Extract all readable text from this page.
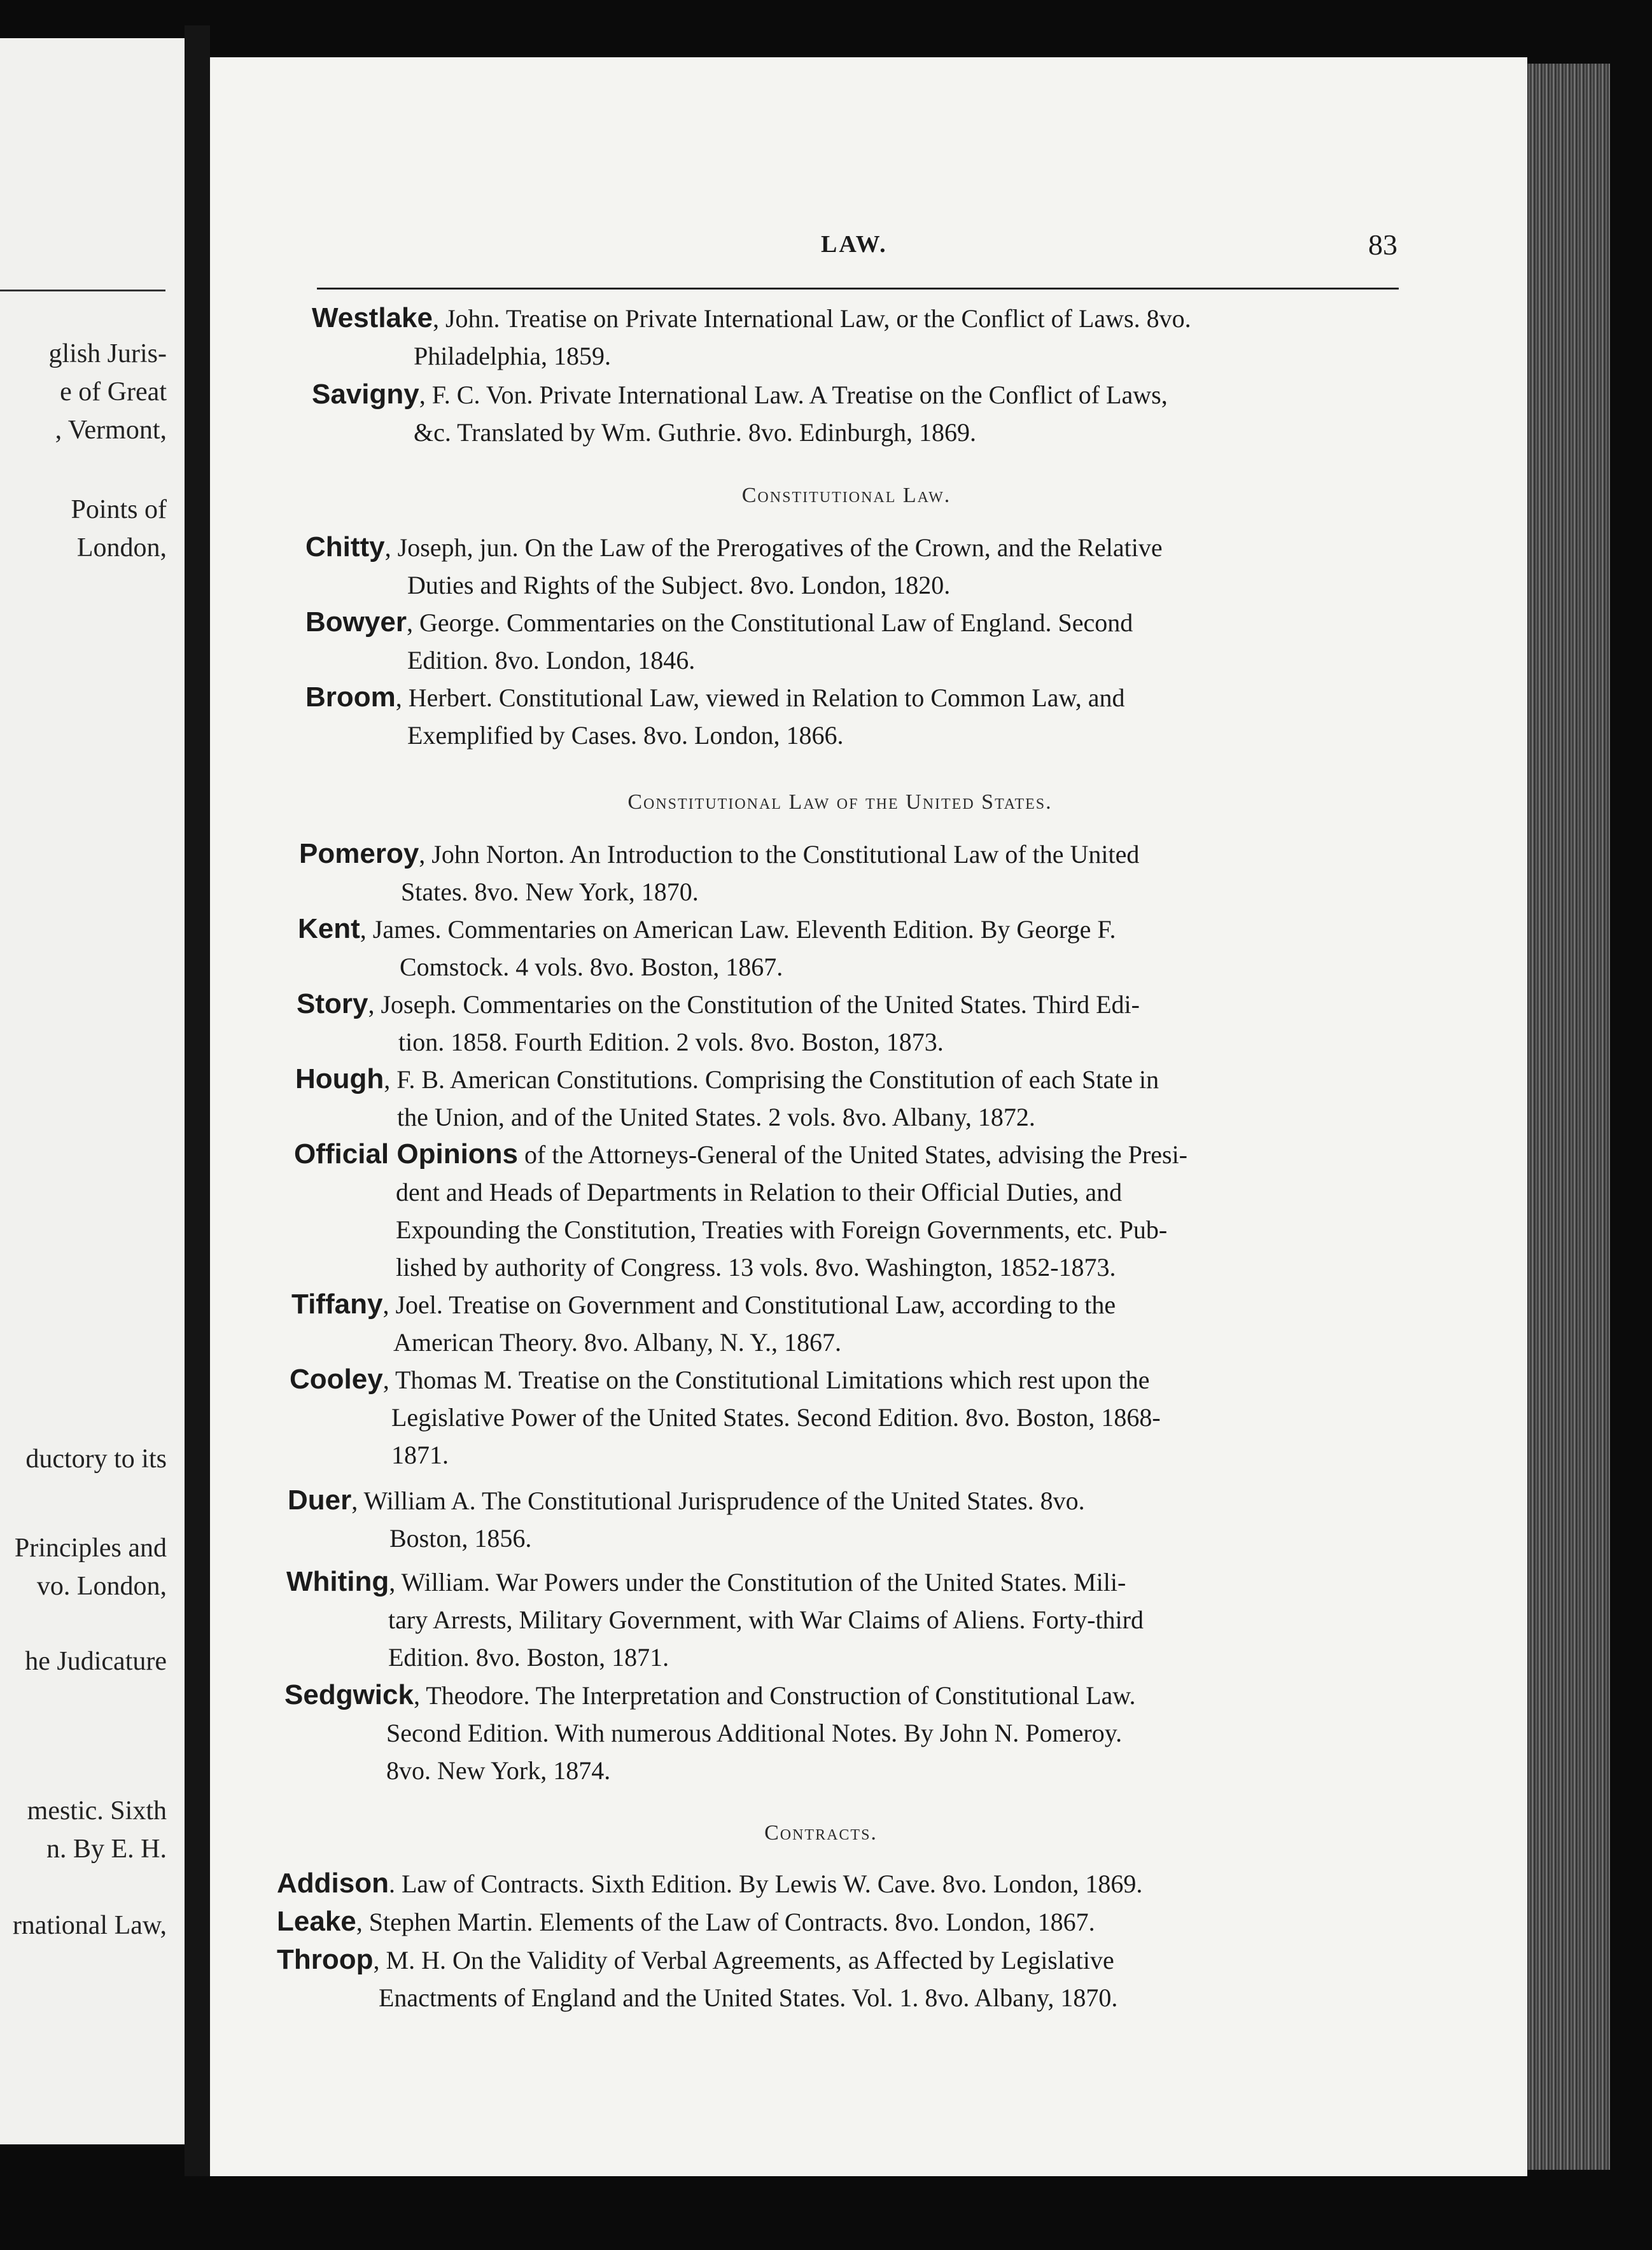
glish Juris-
e of Great
, Vermont,
Points of
London,
ductory to its
Principles and
vo. London,
he Judicature
mestic. Sixth
n. By E. H.
rnational Law,
LAW.	83
Westlake, John. Treatise on Private International Law, or the Conflict of Laws. 8vo.
Philadelphia, 1859.
Savigny, F. C. Von. Private International Law. A Treatise on the Conflict of Laws,
&c. Translated by Wm. Guthrie. 8vo. Edinburgh, 1869.
Constitutional Law.
Chitty, Joseph, jun. On the Law of the Prerogatives of the Crown, and the Relative
Duties and Rights of the Subject. 8vo. London, 1820.
Bowyer, George. Commentaries on the Constitutional Law of England. Second
Edition. 8vo. London, 1846.
Broom, Herbert. Constitutional Law, viewed in Relation to Common Law, and
Exemplified by Cases. 8vo. London, 1866.
Constitutional Law of the United States.
Pomeroy, John Norton. An Introduction to the Constitutional Law of the United
States. 8vo. New York, 1870.
Kent, James. Commentaries on American Law. Eleventh Edition. By George F.
Comstock. 4 vols. 8vo. Boston, 1867.
Story, Joseph. Commentaries on the Constitution of the United States. Third Edi-
tion. 1858. Fourth Edition. 2 vols. 8vo. Boston, 1873.
Hough, F. B. American Constitutions. Comprising the Constitution of each State in
the Union, and of the United States. 2 vols. 8vo. Albany, 1872.
Official Opinions of the Attorneys-General of the United States, advising the Presi-
dent and Heads of Departments in Relation to their Official Duties, and
Expounding the Constitution, Treaties with Foreign Governments, etc. Pub-
lished by authority of Congress. 13 vols. 8vo. Washington, 1852-1873.
Tiffany, Joel. Treatise on Government and Constitutional Law, according to the
American Theory. 8vo. Albany, N. Y., 1867.
Cooley, Thomas M. Treatise on the Constitutional Limitations which rest upon the
Legislative Power of the United States. Second Edition. 8vo. Boston, 1868-
1871.
Duer, William A. The Constitutional Jurisprudence of the United States. 8vo.
Boston, 1856.
Whiting, William. War Powers under the Constitution of the United States. Mili-
tary Arrests, Military Government, with War Claims of Aliens. Forty-third
Edition. 8vo. Boston, 1871.
Sedgwick, Theodore. The Interpretation and Construction of Constitutional Law.
Second Edition. With numerous Additional Notes. By John N. Pomeroy.
8vo. New York, 1874.
Contracts.
Addison. Law of Contracts. Sixth Edition. By Lewis W. Cave. 8vo. London, 1869.
Leake, Stephen Martin. Elements of the Law of Contracts. 8vo. London, 1867.
Throop, M. H. On the Validity of Verbal Agreements, as Affected by Legislative
Enactments of England and the United States. Vol. 1. 8vo. Albany, 1870.
